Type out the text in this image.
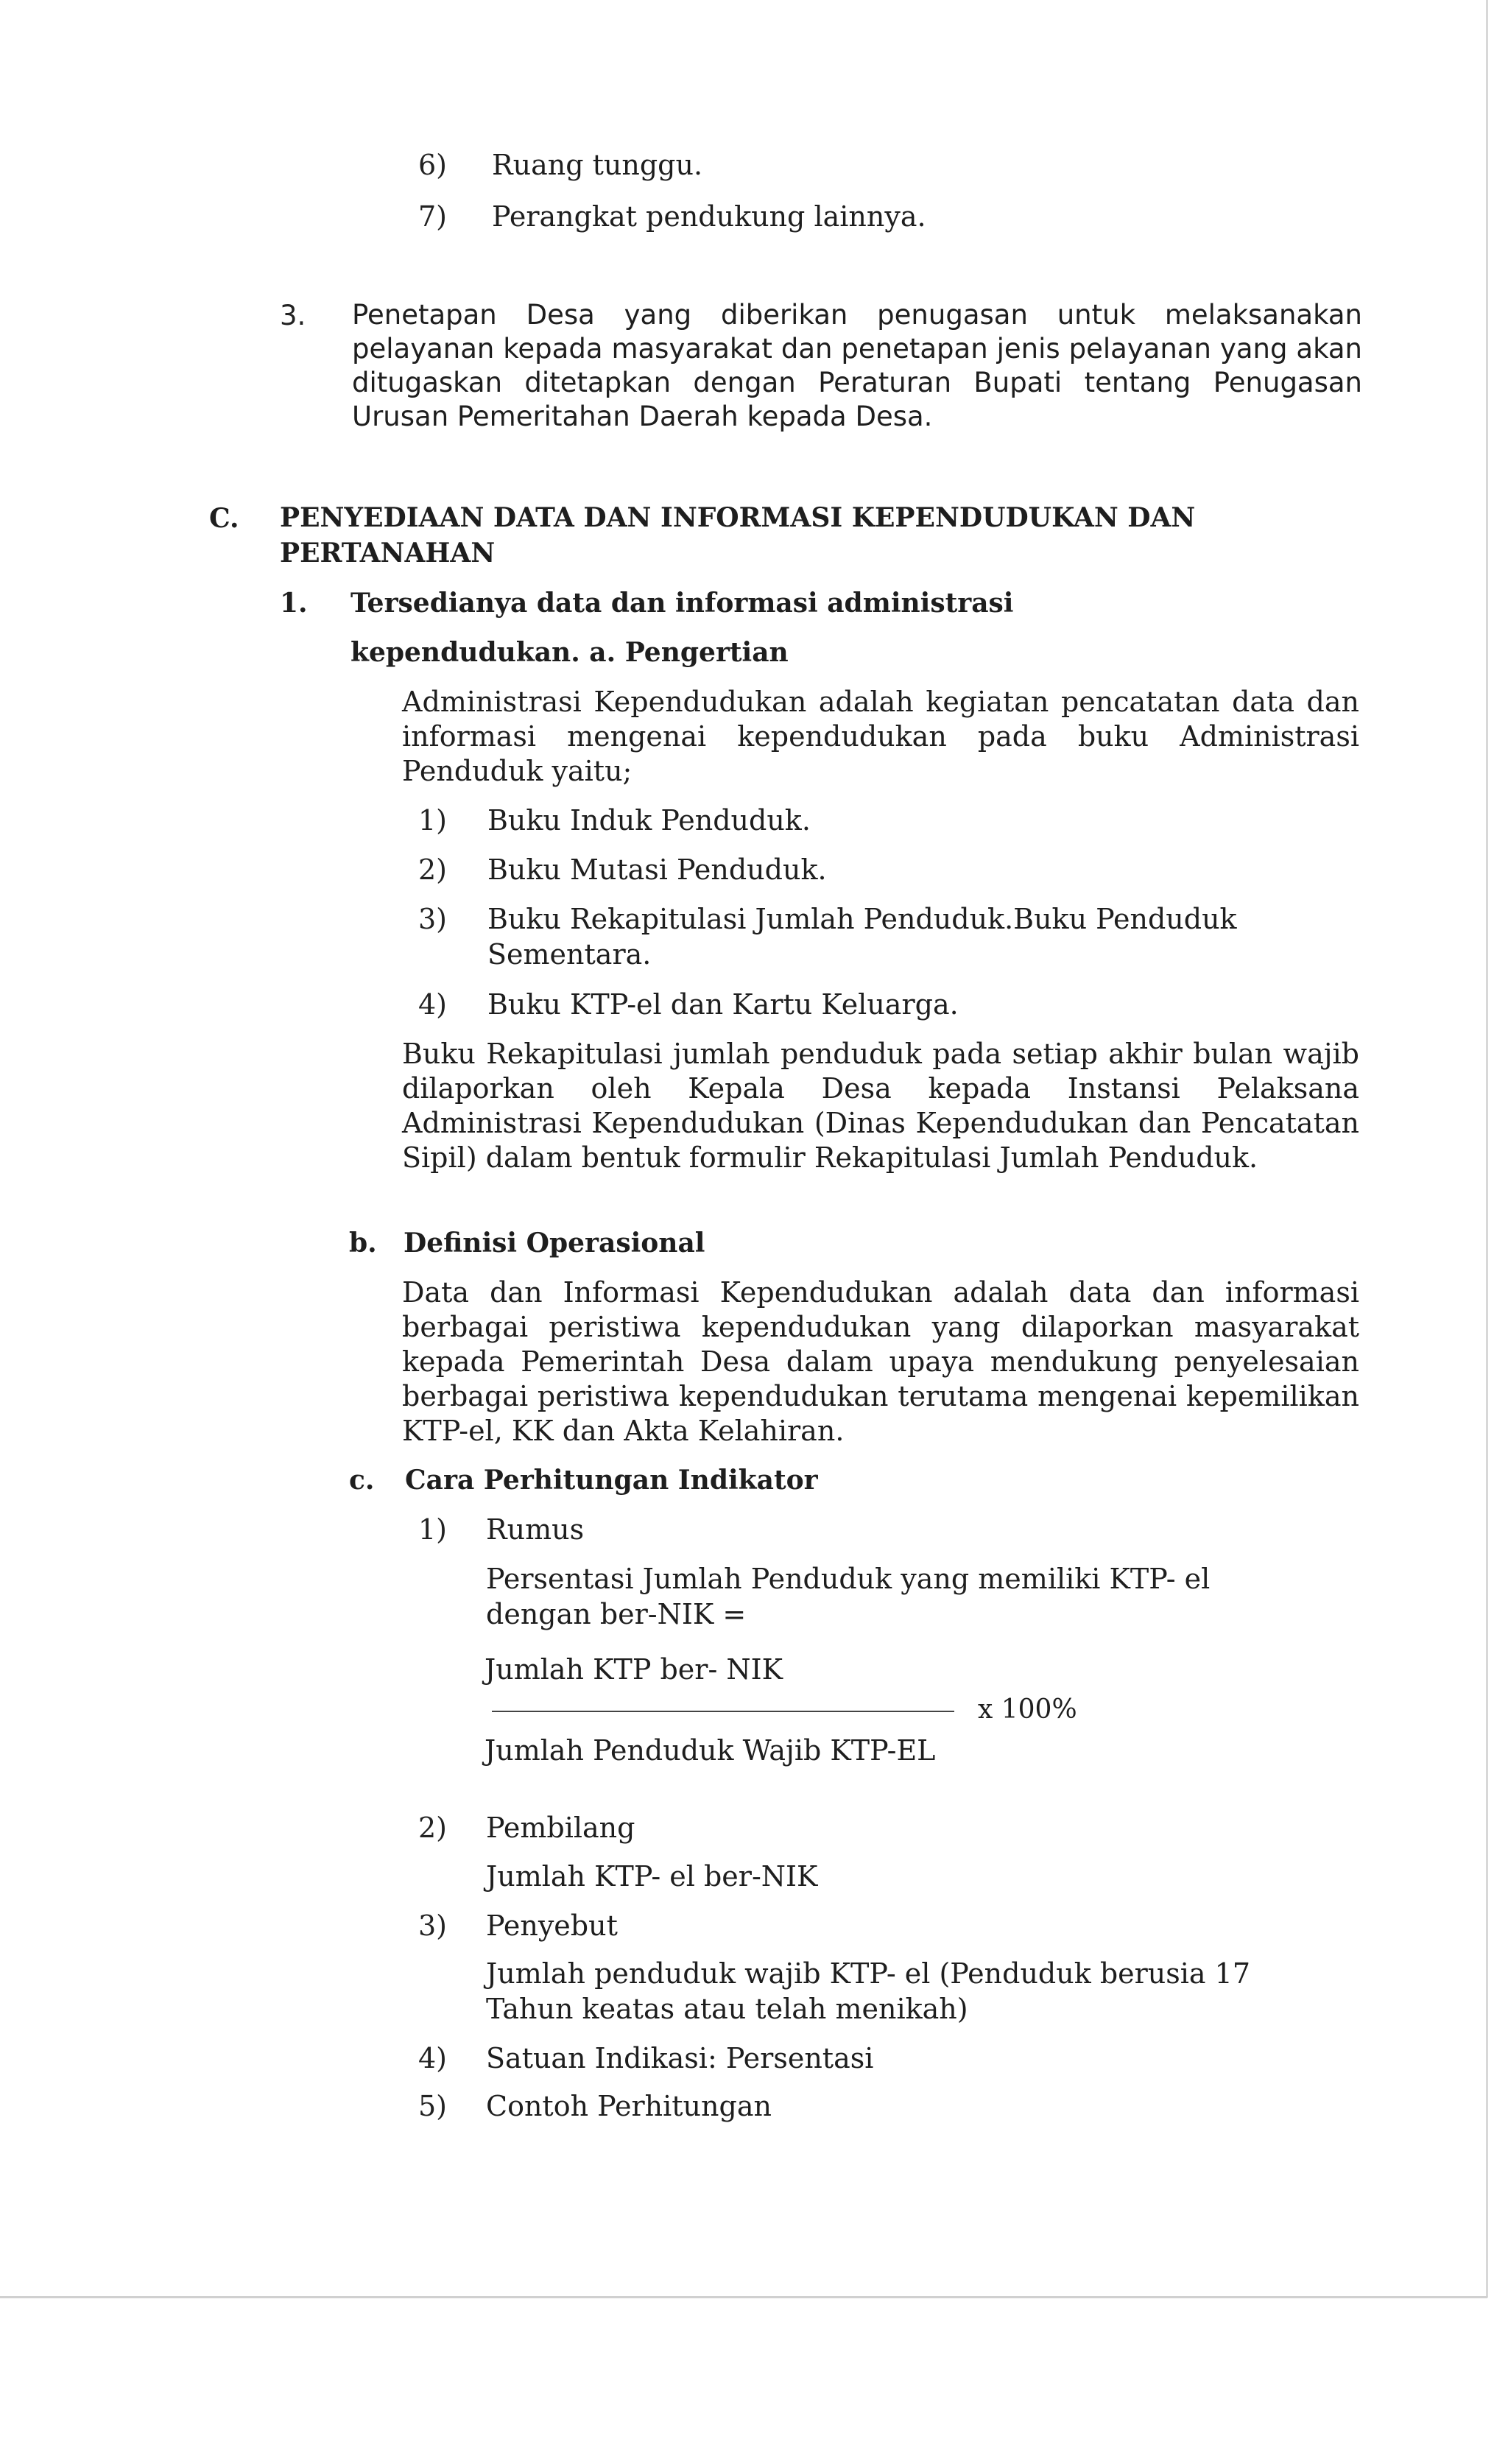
6) Ruang tunggu.
7) Perangkat pendukung lainnya.
3. Penetapan Desa yang diberikan penugasan untuk melaksanakan pelayanan kepada masyarakat dan penetapan jenis pelayanan yang akan ditugaskan ditetapkan dengan Peraturan Bupati tentang Penugasan Urusan Pemeritahan Daerah kepada Desa.
C. PENYEDIAAN DATA DAN INFORMASI KEPENDUDUKAN DAN
PERTANAHAN
1. Tersedianya data dan informasi administrasi
kependudukan. a. Pengertian
Administrasi Kependudukan adalah kegiatan pencatatan data dan informasi mengenai kependudukan pada buku Administrasi Penduduk yaitu;
1) Buku Induk Penduduk.
2) Buku Mutasi Penduduk.
3) Buku Rekapitulasi Jumlah Penduduk.Buku Penduduk
Sementara.
4) Buku KTP-el dan Kartu Keluarga.
Buku Rekapitulasi jumlah penduduk pada setiap akhir bulan wajib dilaporkan oleh Kepala Desa kepada Instansi Pelaksana Administrasi Kependudukan (Dinas Kependudukan dan Pencatatan Sipil) dalam bentuk formulir Rekapitulasi Jumlah Penduduk.
b. Definisi Operasional
Data dan Informasi Kependudukan adalah data dan informasi berbagai peristiwa kependudukan yang dilaporkan masyarakat kepada Pemerintah Desa dalam upaya mendukung penyelesaian berbagai peristiwa kependudukan terutama mengenai kepemilikan KTP-el, KK dan Akta Kelahiran.
c. Cara Perhitungan Indikator
1) Rumus
Persentasi Jumlah Penduduk yang memiliki KTP- el
dengan ber-NIK =
Jumlah KTP ber- NIK
x 100%
Jumlah Penduduk Wajib KTP-EL
2) Pembilang
Jumlah KTP- el ber-NIK
3) Penyebut
Jumlah penduduk wajib KTP- el (Penduduk berusia 17
Tahun keatas atau telah menikah)
4) Satuan Indikasi: Persentasi
5) Contoh Perhitungan
